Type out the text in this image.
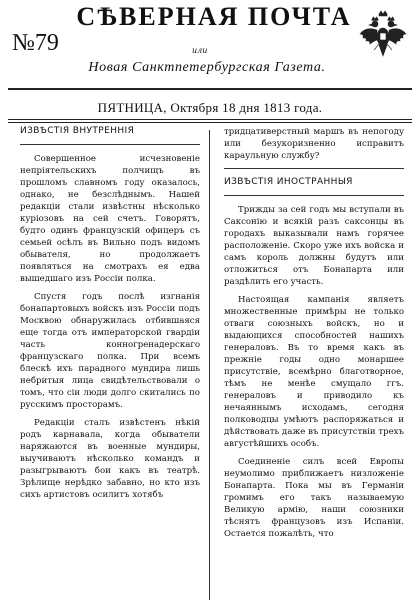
СѢВЕРНАЯ ПОЧТА
№79	или
Новая Санктпетербургская Газета.
ПЯТНИЦА, Октября 18 дня 1813 года.
ИЗВѢСТІЯ ВНУТРЕННІЯ

Совершенное исчезновеніе непріятельскихъ полчищъ въ прошломъ славномъ году оказалось, однако, не безслѣднымъ. Нашей редакціи стали извѣстны нѣсколько куріозовъ на сей счетъ. Говорятъ, будто одинъ французскій офицеръ съ семьей осѣлъ въ Вильно подъ видомъ обывателя, но продолжаетъ появляться на смотрахъ ея едва вышедшаго изъ Россіи полка.

Спустя годъ послѣ изгнанія бонапартовыхъ войскъ изъ Россіи подъ Москвою обнаружилась отбившаяся еще тогда отъ императорской гвардіи часть конногренадерскаго французскаго полка. При всемъ блескѣ ихъ парадного мундира лишь небритыя лица свидѣтельствовали о томъ, что сіи люди долго скитались по русскимъ просторамъ.

Редакціи сталъ извѣстенъ нѣкій родъ карнавала, когда обыватели наряжаются въ военные мундиры, выучиваютъ нѣсколько командъ и разыгрываютъ бои какъ въ театрѣ. Зрѣлище нерѣдко забавно, но кто изъ сихъ артистовъ осилитъ хотябъ

тридцативерстный маршъ въ непогоду или безукоризненно исправитъ караульную службу?

ИЗВѢСТІЯ ИНОСТРАННЫЯ

Трижды за сей годъ мы вступали въ Саксонію и всякій разъ саксонцы въ городахъ выказывали намъ горячее расположеніе. Скоро уже ихъ войска и самъ король должны будутъ или отложиться отъ Бонапарта или раздѣлить его участь.

Настоящая кампанія являетъ множественные примѣры не только отваги союзныхъ войскъ, но и выдающихся способностей нашихъ генераловъ. Въ то время какъ въ прежніе годы одно монаршее присутствіе, всемѣрно благотворное, тѣмъ не менѣе смущало ггъ. генераловъ и приводило къ нечаяннымъ исходамъ, сегодня полководцы умѣютъ распоряжаться и дѣйствовать даже въ присутствіи трехъ августѣйшихъ особъ.

Соединеніе силъ всей Европы неумолимо приближаетъ низложеніе Бонапарта. Пока мы въ Германіи громимъ его такъ называемую Великую армію, наши союзники тѣснятъ французовъ изъ Испаніи. Остается пожалѣть, что
